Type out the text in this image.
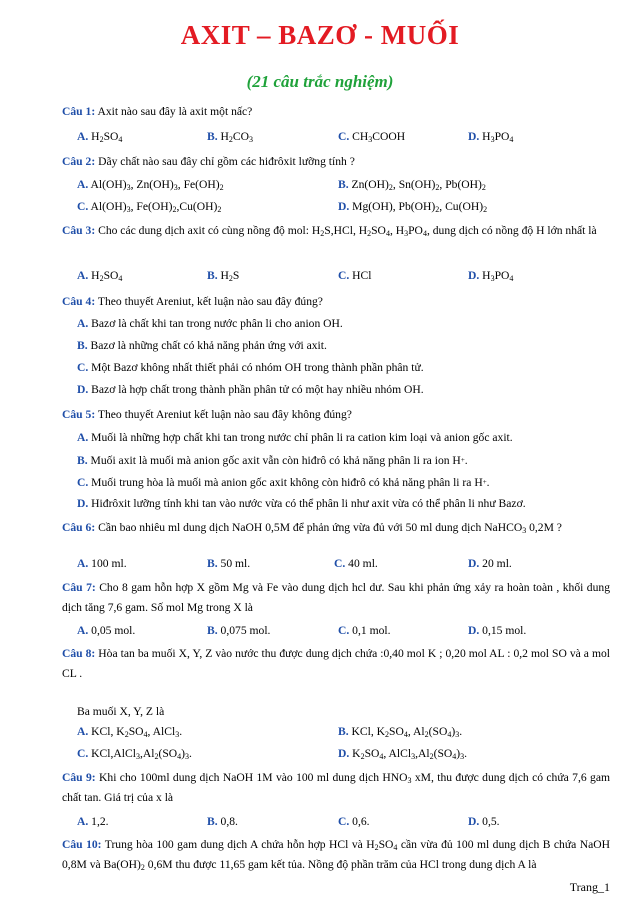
AXIT – BAZƠ - MUỐI
(21 câu trắc nghiệm)
Câu 1: Axit nào sau đây là axit một nấc?
A. $H_2SO_4$	B. $H_2CO_3$	C. $CH_3COOH$	D. $H_3PO_4$
Câu 2: Dãy chất nào sau đây chỉ gồm các hiđrôxit lưỡng tính ?
A. $Al(OH)_3$, $Zn(OH)_3$, $Fe(OH)_2$	B. $Zn(OH)_2$, $Sn(OH)_2$, $Pb(OH)_2$
C. $Al(OH)_3$, $Fe(OH)_2,Cu(OH)_2$	D. Mg(OH), $Pb(OH)_2$, $Cu(OH)_2$
Câu 3: Cho các dung dịch axit có cùng nồng độ mol: $H_2S,HCl$, $H_2SO_4$, $H_3PO_4$, dung dịch có nồng độ H lớn nhất là
A. $H_2SO_4$	B. $H_2S$	C. HCl	D. $H_3PO_4$
Câu 4: Theo thuyết Areniut, kết luận nào sau đây đúng?
A. Bazơ là chất khi tan trong nước phân li cho anion OH.
B. Bazơ là những chất có khả năng phản ứng với axit.
C. Một Bazơ không nhất thiết phải có nhóm OH trong thành phần phân tử.
D. Bazơ là hợp chất trong thành phần phân tử có một hay nhiều nhóm OH.
Câu 5: Theo thuyết Areniut kết luận nào sau đây không đúng?
A. Muối là những hợp chất khi tan trong nước chỉ phân li ra cation kim loại và anion gốc axit.
B. Muối axit là muối mà anion gốc axit vẫn còn hiđrô có khả năng phân li ra ion H+.
C. Muối trung hòa là muối mà anion gốc axit không còn hiđrô có khả năng phân li ra H+.
D. Hiđrôxit lưỡng tính khi tan vào nước vừa có thể phân li như axit vừa có thể phân li như Bazơ.
Câu 6: Cần bao nhiêu ml dung dịch NaOH 0,5M để phản ứng vừa đủ với 50 ml dung dịch NaHCO$_3$ 0,2M ?
A. 100 ml.	B. 50 ml.	C. 40 ml.	D. 20 ml.
Câu 7: Cho 8 gam hỗn hợp X gồm Mg và Fe vào dung dịch hcl dư. Sau khi phản ứng xảy ra hoàn toàn , khối dung dịch tăng 7,6 gam. Số mol Mg trong X là
A. 0,05 mol.	B. 0,075 mol.	C. 0,1 mol.	D. 0,15 mol.
Câu 8: Hòa tan ba muối X, Y, Z vào nước thu được dung dịch chứa :0,40 mol K ; 0,20 mol AL : 0,2 mol SO và a mol CL .
Ba muối X, Y, Z là
A. KCl, $K_2SO_4$, AlCl$_3$.	B. KCl, $K_2SO_4$, $Al_2(SO_4)_3$.
C. $KCl,AlCl_3,Al_2(SO_4)_3$.	D. $K_2SO_4$, $AlCl_3,Al_2(SO_4)_3$.
Câu 9: Khi cho 100ml dung dịch NaOH 1M vào 100 ml dung dịch $HNO_3$ xM, thu được dung dịch có chứa 7,6 gam chất tan. Giá trị của x là
A. 1,2.	B. 0,8.	C. 0,6.	D. 0,5.
Câu 10: Trung hòa 100 gam dung dịch A chứa hỗn hợp HCl và $H_2SO_4$ cần vừa đủ 100 ml dung dịch B chứa NaOH 0,8M và $Ba(OH)_2$ 0,6M thu được 11,65 gam kết tủa. Nồng độ phần trăm của HCl trong dung dịch A là
Trang_1
